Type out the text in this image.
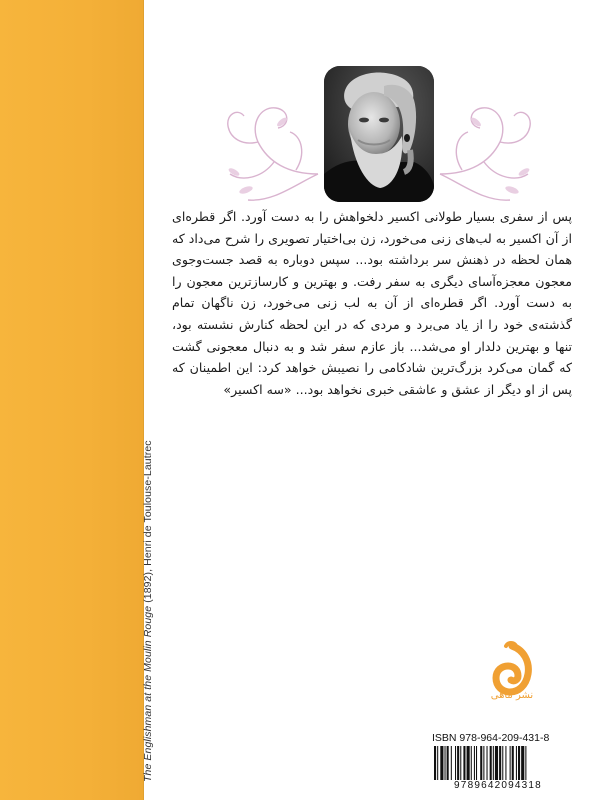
The Englishman at the Moulin Rouge (1892), Henri de Toulouse-Lautrec

پس از سفری بسیار طولانی اکسیر دلخواهش را به دست آورد. اگر قطره‌ای از آن اکسیر به لب‌های زنی می‌خورد، زن بی‌اختیار تصویری را شرح می‌داد که همان لحظه در ذهنش سر برداشته بود... سپس دوباره به قصد جست‌وجوی معجون معجزه‌آسای دیگری به سفر رفت. و بهترین و کارسازترین معجون را به دست آورد. اگر قطره‌ای از آن به لب زنی می‌خورد، زن ناگهان تمام گذشته‌ی خود را از یاد می‌برد و مردی که در این لحظه کنارش نشسته بود، تنها و بهترین دلدار او می‌شد... باز عازم سفر شد و به دنبال معجونی گشت که گمان می‌کرد بزرگ‌ترین شادکامی را نصیبش خواهد کرد: این اطمینان که پس از او دیگر از عشق و عاشقی خبری نخواهد بود... «سه اکسیر»

نشر ماهی
ISBN 978-964-209-431-8
9789642094318
